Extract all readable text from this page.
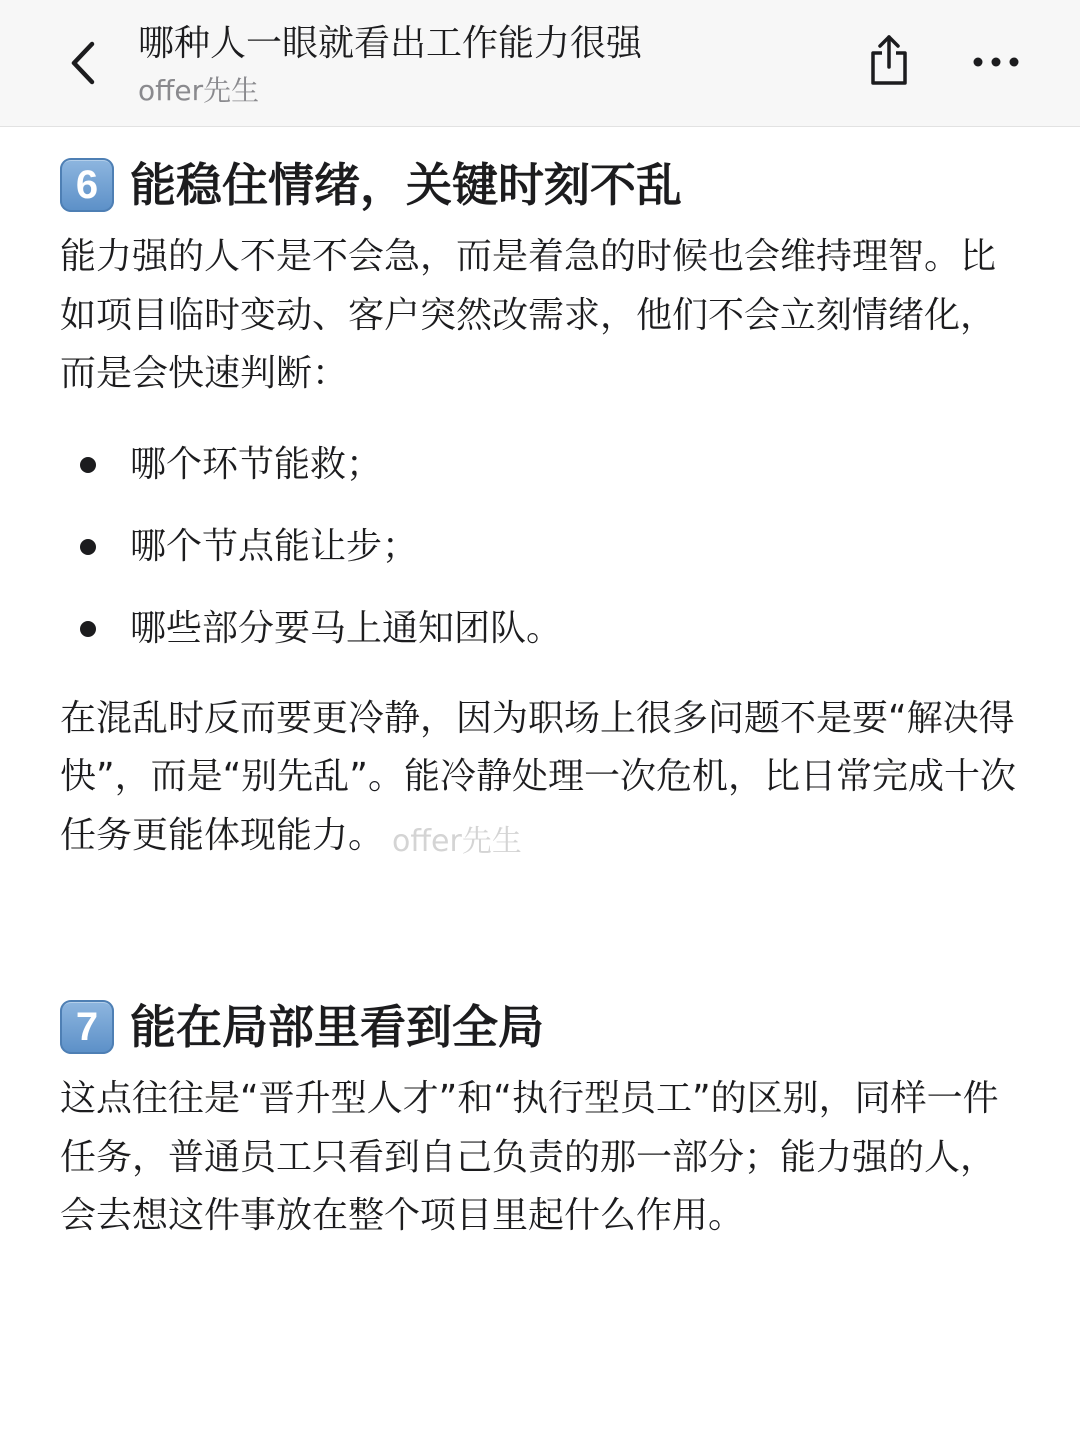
哪种人一眼就看出工作能力很强
offer先生
6 能稳住情绪，关键时刻不乱

能力强的人不是不会急，而是着急的时候也会维持理智。比如项目临时变动、客户突然改需求，他们不会立刻情绪化，而是会快速判断：

哪个环节能救；
哪个节点能让步；
哪些部分要马上通知团队。

在混乱时反而要更冷静，因为职场上很多问题不是要“解决得快”，而是“别先乱”。能冷静处理一次危机，比日常完成十次任务更能体现能力。 offer先生
7 能在局部里看到全局

这点往往是“晋升型人才”和“执行型员工”的区别，同样一件任务，普通员工只看到自己负责的那一部分；能力强的人，会去想这件事放在整个项目里起什么作用。
